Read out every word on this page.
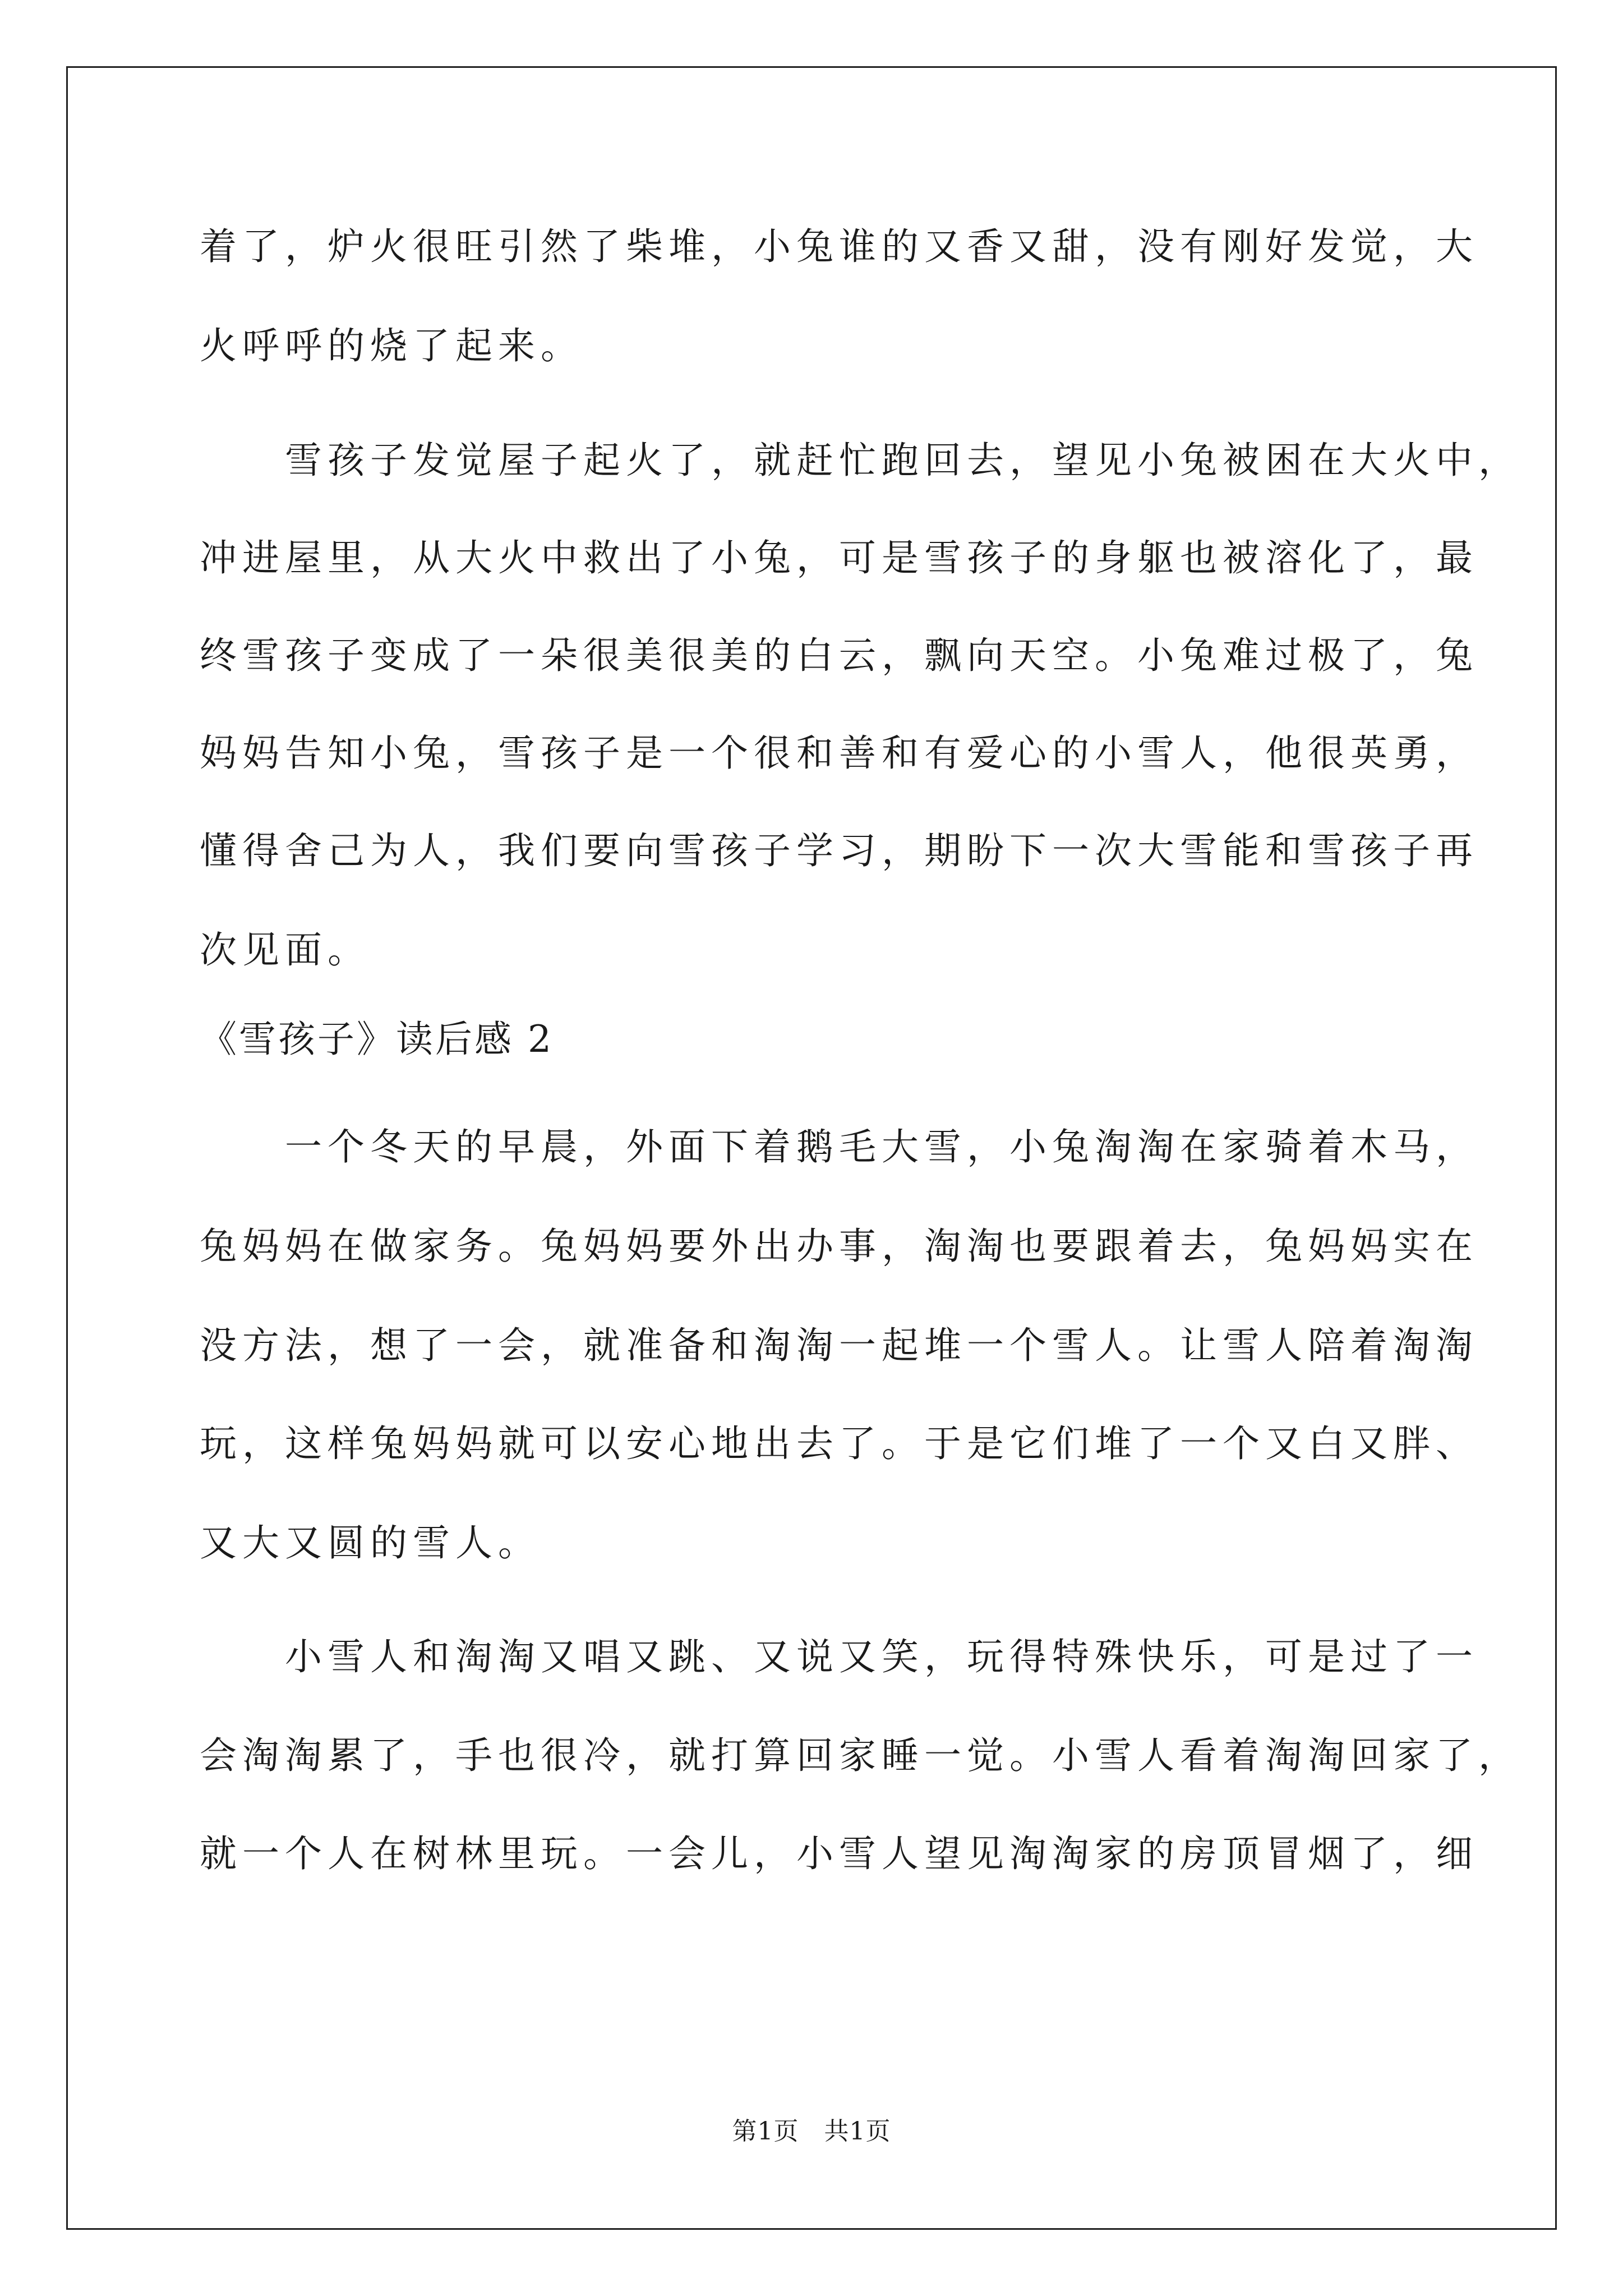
着了，炉火很旺引然了柴堆，小兔谁的又香又甜，没有刚好发觉，大
火呼呼的烧了起来。
　　雪孩子发觉屋子起火了，就赶忙跑回去，望见小兔被困在大火中，
冲进屋里，从大火中救出了小兔，可是雪孩子的身躯也被溶化了，最
终雪孩子变成了一朵很美很美的白云，飘向天空。小兔难过极了，兔
妈妈告知小兔，雪孩子是一个很和善和有爱心的小雪人，他很英勇，
懂得舍己为人，我们要向雪孩子学习，期盼下一次大雪能和雪孩子再
次见面。
《雪孩子》读后感 2
　　一个冬天的早晨，外面下着鹅毛大雪，小兔淘淘在家骑着木马，
兔妈妈在做家务。兔妈妈要外出办事，淘淘也要跟着去，兔妈妈实在
没方法，想了一会，就准备和淘淘一起堆一个雪人。让雪人陪着淘淘
玩，这样兔妈妈就可以安心地出去了。于是它们堆了一个又白又胖、
又大又圆的雪人。
　　小雪人和淘淘又唱又跳、又说又笑，玩得特殊快乐，可是过了一
会淘淘累了，手也很冷，就打算回家睡一觉。小雪人看着淘淘回家了，
就一个人在树林里玩。一会儿，小雪人望见淘淘家的房顶冒烟了，细
第1页　共1页
